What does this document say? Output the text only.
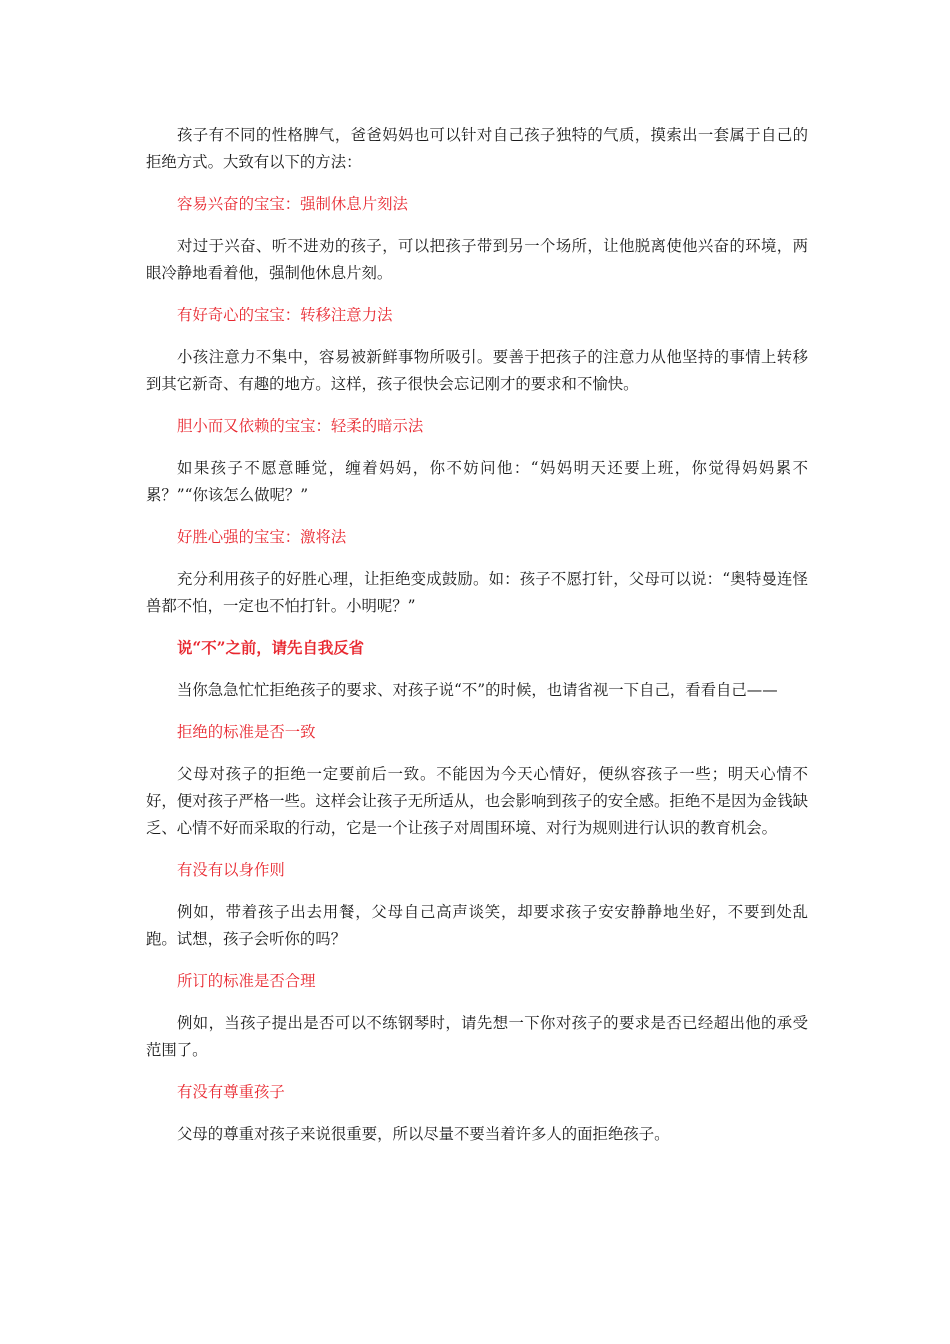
孩子有不同的性格脾气，爸爸妈妈也可以针对自己孩子独特的气质，摸索出一套属于自己的拒绝方式。大致有以下的方法：

容易兴奋的宝宝：强制休息片刻法

对过于兴奋、听不进劝的孩子，可以把孩子带到另一个场所，让他脱离使他兴奋的环境，两眼冷静地看着他，强制他休息片刻。

有好奇心的宝宝：转移注意力法

小孩注意力不集中，容易被新鲜事物所吸引。要善于把孩子的注意力从他坚持的事情上转移到其它新奇、有趣的地方。这样，孩子很快会忘记刚才的要求和不愉快。

胆小而又依赖的宝宝：轻柔的暗示法

如果孩子不愿意睡觉，缠着妈妈，你不妨问他：“妈妈明天还要上班，你觉得妈妈累不累？”“你该怎么做呢？”

好胜心强的宝宝：激将法

充分利用孩子的好胜心理，让拒绝变成鼓励。如：孩子不愿打针，父母可以说：“奥特曼连怪兽都不怕，一定也不怕打针。小明呢？”

说“不”之前，请先自我反省

当你急急忙忙拒绝孩子的要求、对孩子说“不”的时候，也请省视一下自己，看看自己——

拒绝的标准是否一致

父母对孩子的拒绝一定要前后一致。不能因为今天心情好，便纵容孩子一些；明天心情不好，便对孩子严格一些。这样会让孩子无所适从，也会影响到孩子的安全感。拒绝不是因为金钱缺乏、心情不好而采取的行动，它是一个让孩子对周围环境、对行为规则进行认识的教育机会。

有没有以身作则

例如，带着孩子出去用餐，父母自己高声谈笑，却要求孩子安安静静地坐好，不要到处乱跑。试想，孩子会听你的吗？

所订的标准是否合理

例如，当孩子提出是否可以不练钢琴时，请先想一下你对孩子的要求是否已经超出他的承受范围了。

有没有尊重孩子

父母的尊重对孩子来说很重要，所以尽量不要当着许多人的面拒绝孩子。
